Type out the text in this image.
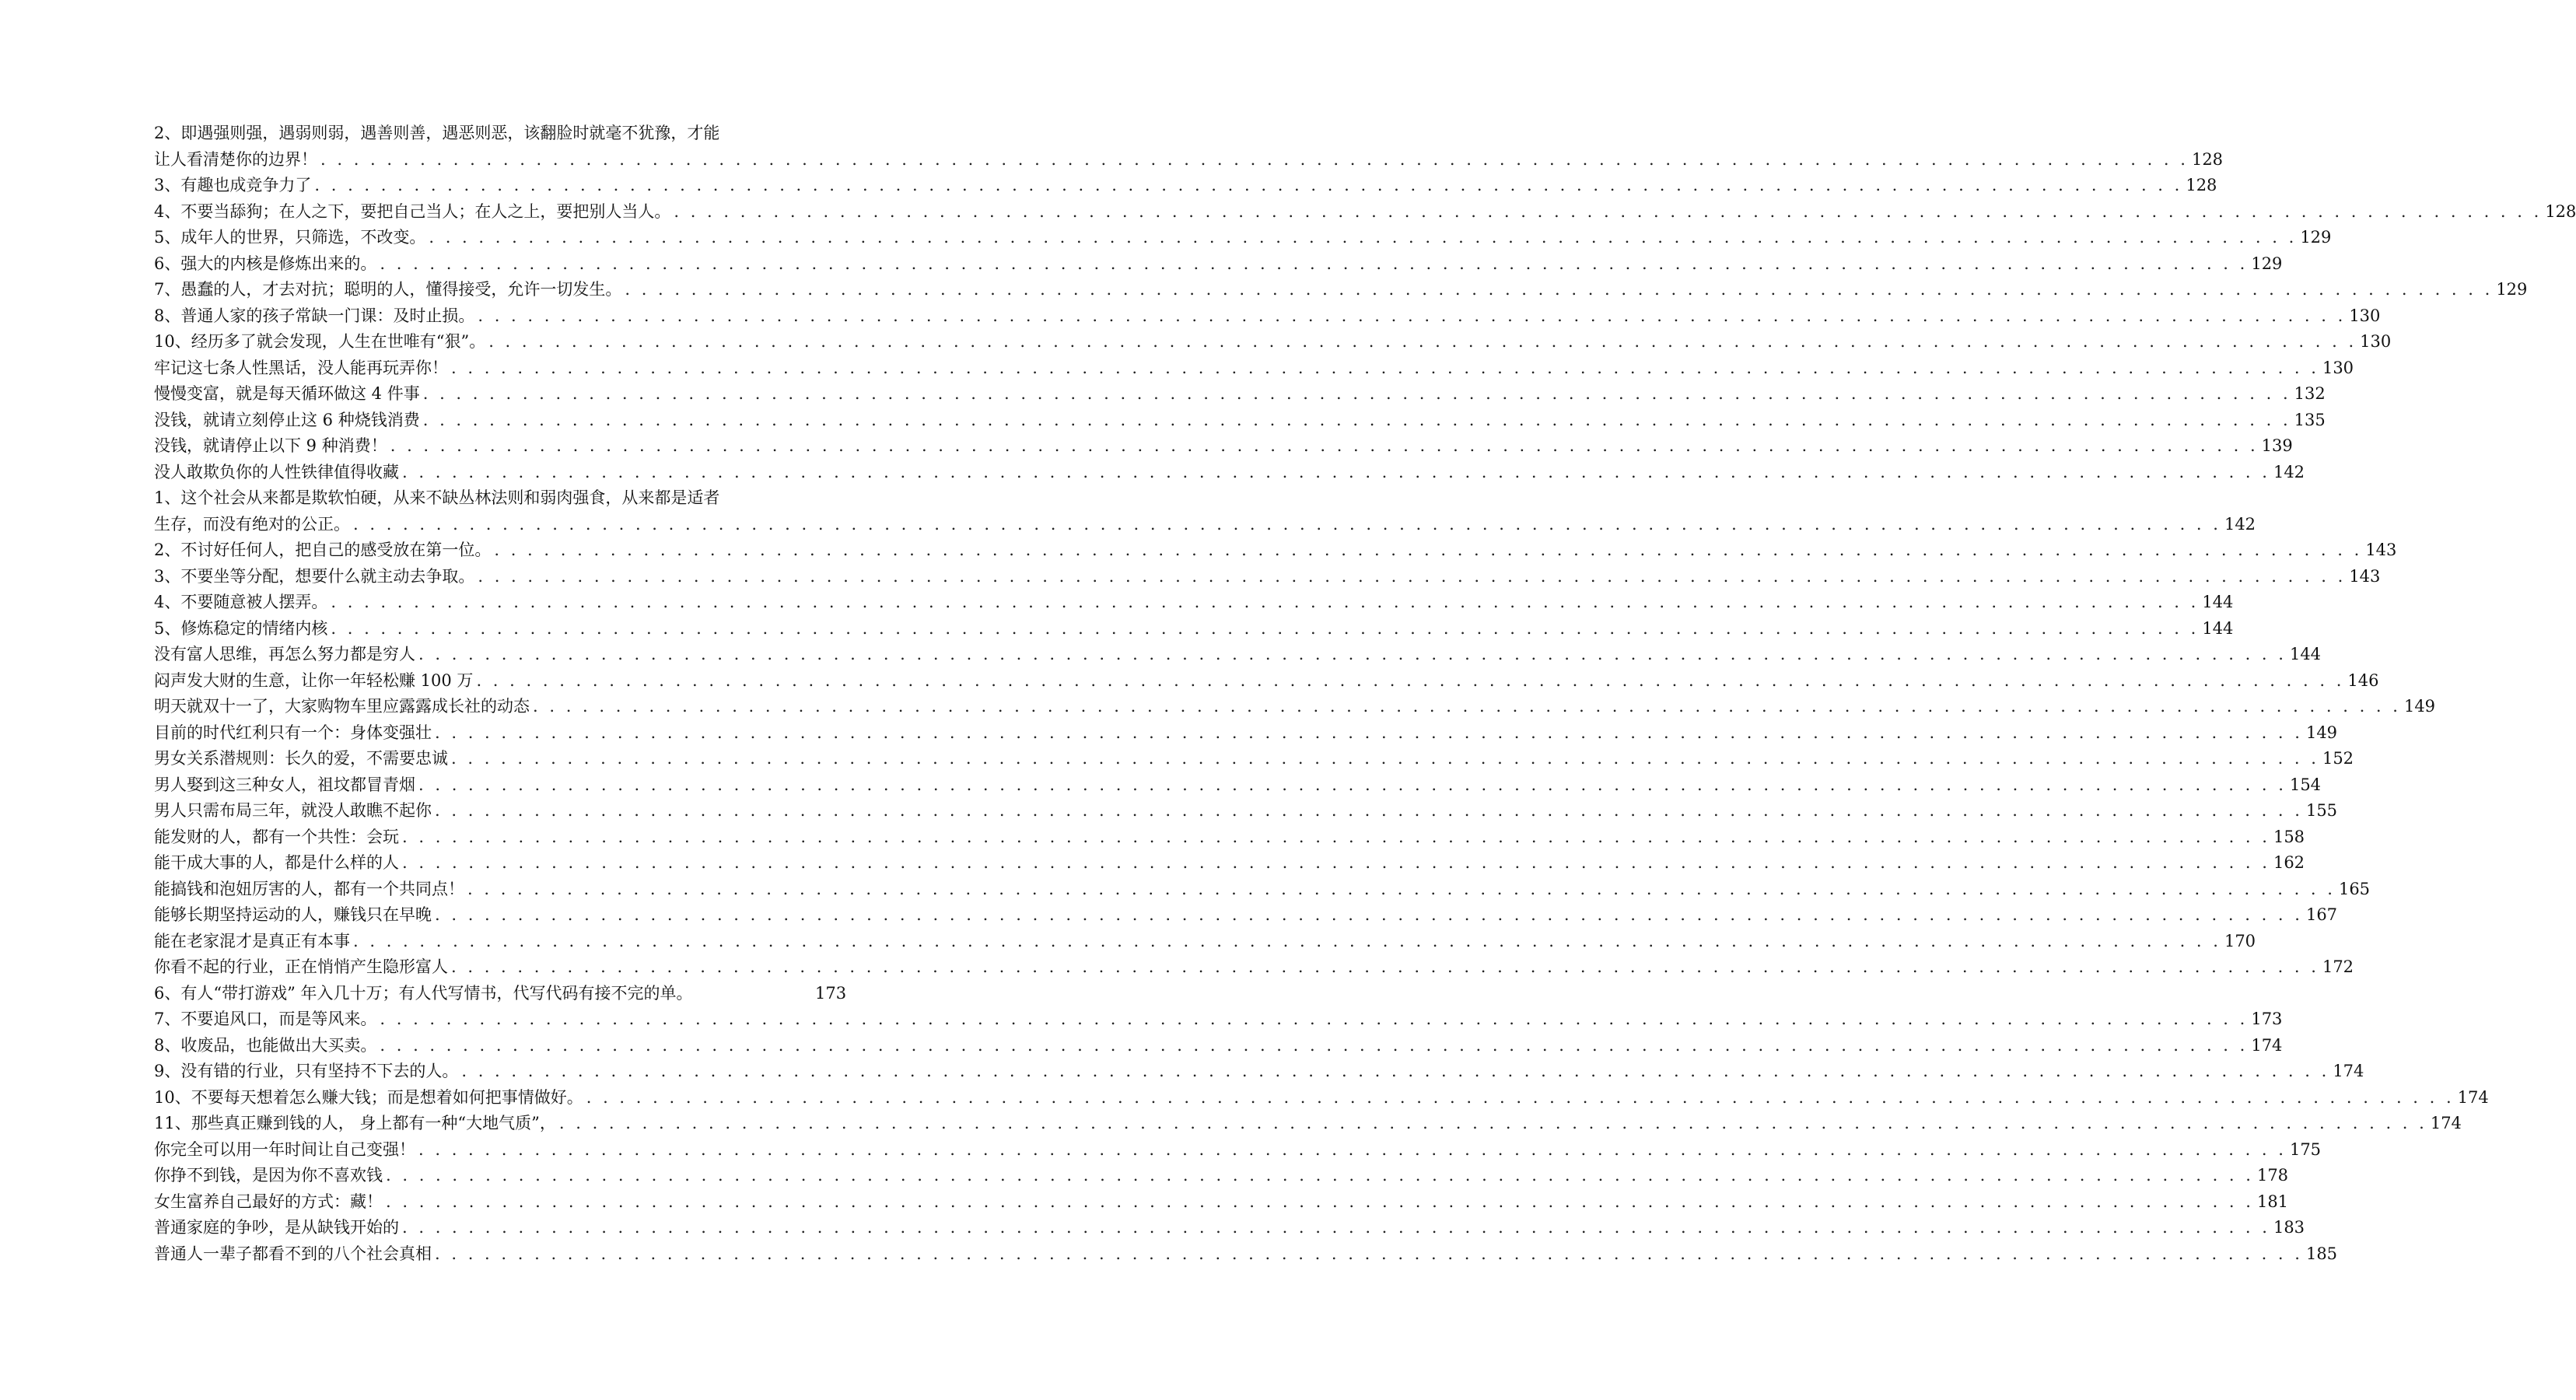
2、即遇强则强，遇弱则弱，遇善则善，遇恶则恶，该翻脸时就毫不犹豫，才能
让人看清楚你的边界！ . . . . . . . . . . . . . . . . . . . . . . . . . . . . . . . . . . . . . . . . . . . . . . . . . . . . . . . . . . . . . . . . . . . . . . . . . . . . . . . . . . . . . . . . . . . . . . . . . . . . . . . . . . . . . . . . . 128
3、有趣也成竞争力了 . . . . . . . . . . . . . . . . . . . . . . . . . . . . . . . . . . . . . . . . . . . . . . . . . . . . . . . . . . . . . . . . . . . . . . . . . . . . . . . . . . . . . . . . . . . . . . . . . . . . . . . . . . . . . . . . . 128
4、不要当舔狗；在人之下，要把自己当人；在人之上，要把别人当人。 . . . . . . . . . . . . . . . . . . . . . . . . . . . . . . . . . . . . . . . . . . . . . . . . . . . . . . . . . . . . . . . . . . . . . . . . . . . . . . . . . . . . . . . . . . . . . . . . . . . . . . . . . . . . . . . . . 128
5、成年人的世界，只筛选，不改变。 . . . . . . . . . . . . . . . . . . . . . . . . . . . . . . . . . . . . . . . . . . . . . . . . . . . . . . . . . . . . . . . . . . . . . . . . . . . . . . . . . . . . . . . . . . . . . . . . . . . . . . . . . . . . . . . . . 129
6、强大的内核是修炼出来的。 . . . . . . . . . . . . . . . . . . . . . . . . . . . . . . . . . . . . . . . . . . . . . . . . . . . . . . . . . . . . . . . . . . . . . . . . . . . . . . . . . . . . . . . . . . . . . . . . . . . . . . . . . . . . . . . . . 129
7、愚蠢的人，才去对抗；聪明的人，懂得接受，允许一切发生。 . . . . . . . . . . . . . . . . . . . . . . . . . . . . . . . . . . . . . . . . . . . . . . . . . . . . . . . . . . . . . . . . . . . . . . . . . . . . . . . . . . . . . . . . . . . . . . . . . . . . . . . . . . . . . . . . . 129
8、普通人家的孩子常缺一门课：及时止损。 . . . . . . . . . . . . . . . . . . . . . . . . . . . . . . . . . . . . . . . . . . . . . . . . . . . . . . . . . . . . . . . . . . . . . . . . . . . . . . . . . . . . . . . . . . . . . . . . . . . . . . . . . . . . . . . . . 130
10、经历多了就会发现，人生在世唯有“狠”。 . . . . . . . . . . . . . . . . . . . . . . . . . . . . . . . . . . . . . . . . . . . . . . . . . . . . . . . . . . . . . . . . . . . . . . . . . . . . . . . . . . . . . . . . . . . . . . . . . . . . . . . . . . . . . . . . . 130
牢记这七条人性黑话，没人能再玩弄你！ . . . . . . . . . . . . . . . . . . . . . . . . . . . . . . . . . . . . . . . . . . . . . . . . . . . . . . . . . . . . . . . . . . . . . . . . . . . . . . . . . . . . . . . . . . . . . . . . . . . . . . . . . . . . . . . . . 130
慢慢变富，就是每天循环做这 4 件事 . . . . . . . . . . . . . . . . . . . . . . . . . . . . . . . . . . . . . . . . . . . . . . . . . . . . . . . . . . . . . . . . . . . . . . . . . . . . . . . . . . . . . . . . . . . . . . . . . . . . . . . . . . . . . . . . . 132
没钱，就请立刻停止这 6 种烧钱消费 . . . . . . . . . . . . . . . . . . . . . . . . . . . . . . . . . . . . . . . . . . . . . . . . . . . . . . . . . . . . . . . . . . . . . . . . . . . . . . . . . . . . . . . . . . . . . . . . . . . . . . . . . . . . . . . . . 135
没钱，就请停止以下 9 种消费！ . . . . . . . . . . . . . . . . . . . . . . . . . . . . . . . . . . . . . . . . . . . . . . . . . . . . . . . . . . . . . . . . . . . . . . . . . . . . . . . . . . . . . . . . . . . . . . . . . . . . . . . . . . . . . . . . . 139
没人敢欺负你的人性铁律值得收藏 . . . . . . . . . . . . . . . . . . . . . . . . . . . . . . . . . . . . . . . . . . . . . . . . . . . . . . . . . . . . . . . . . . . . . . . . . . . . . . . . . . . . . . . . . . . . . . . . . . . . . . . . . . . . . . . . . 142
1、这个社会从来都是欺软怕硬，从来不缺丛林法则和弱肉强食，从来都是适者
生存，而没有绝对的公正。 . . . . . . . . . . . . . . . . . . . . . . . . . . . . . . . . . . . . . . . . . . . . . . . . . . . . . . . . . . . . . . . . . . . . . . . . . . . . . . . . . . . . . . . . . . . . . . . . . . . . . . . . . . . . . . . . . 142
2、不讨好任何人，把自己的感受放在第一位。 . . . . . . . . . . . . . . . . . . . . . . . . . . . . . . . . . . . . . . . . . . . . . . . . . . . . . . . . . . . . . . . . . . . . . . . . . . . . . . . . . . . . . . . . . . . . . . . . . . . . . . . . . . . . . . . . . 143
3、不要坐等分配，想要什么就主动去争取。 . . . . . . . . . . . . . . . . . . . . . . . . . . . . . . . . . . . . . . . . . . . . . . . . . . . . . . . . . . . . . . . . . . . . . . . . . . . . . . . . . . . . . . . . . . . . . . . . . . . . . . . . . . . . . . . . . 143
4、不要随意被人摆弄。 . . . . . . . . . . . . . . . . . . . . . . . . . . . . . . . . . . . . . . . . . . . . . . . . . . . . . . . . . . . . . . . . . . . . . . . . . . . . . . . . . . . . . . . . . . . . . . . . . . . . . . . . . . . . . . . . . 144
5、修炼稳定的情绪内核 . . . . . . . . . . . . . . . . . . . . . . . . . . . . . . . . . . . . . . . . . . . . . . . . . . . . . . . . . . . . . . . . . . . . . . . . . . . . . . . . . . . . . . . . . . . . . . . . . . . . . . . . . . . . . . . . . 144
没有富人思维，再怎么努力都是穷人 . . . . . . . . . . . . . . . . . . . . . . . . . . . . . . . . . . . . . . . . . . . . . . . . . . . . . . . . . . . . . . . . . . . . . . . . . . . . . . . . . . . . . . . . . . . . . . . . . . . . . . . . . . . . . . . . . 144
闷声发大财的生意，让你一年轻松赚 100 万 . . . . . . . . . . . . . . . . . . . . . . . . . . . . . . . . . . . . . . . . . . . . . . . . . . . . . . . . . . . . . . . . . . . . . . . . . . . . . . . . . . . . . . . . . . . . . . . . . . . . . . . . . . . . . . . . . 146
明天就双十一了，大家购物车里应露露成长社的动态 . . . . . . . . . . . . . . . . . . . . . . . . . . . . . . . . . . . . . . . . . . . . . . . . . . . . . . . . . . . . . . . . . . . . . . . . . . . . . . . . . . . . . . . . . . . . . . . . . . . . . . . . . . . . . . . . . 149
目前的时代红利只有一个：身体变强壮 . . . . . . . . . . . . . . . . . . . . . . . . . . . . . . . . . . . . . . . . . . . . . . . . . . . . . . . . . . . . . . . . . . . . . . . . . . . . . . . . . . . . . . . . . . . . . . . . . . . . . . . . . . . . . . . . . 149
男女关系潜规则：长久的爱，不需要忠诚 . . . . . . . . . . . . . . . . . . . . . . . . . . . . . . . . . . . . . . . . . . . . . . . . . . . . . . . . . . . . . . . . . . . . . . . . . . . . . . . . . . . . . . . . . . . . . . . . . . . . . . . . . . . . . . . . . 152
男人娶到这三种女人，祖坟都冒青烟 . . . . . . . . . . . . . . . . . . . . . . . . . . . . . . . . . . . . . . . . . . . . . . . . . . . . . . . . . . . . . . . . . . . . . . . . . . . . . . . . . . . . . . . . . . . . . . . . . . . . . . . . . . . . . . . . . 154
男人只需布局三年，就没人敢瞧不起你 . . . . . . . . . . . . . . . . . . . . . . . . . . . . . . . . . . . . . . . . . . . . . . . . . . . . . . . . . . . . . . . . . . . . . . . . . . . . . . . . . . . . . . . . . . . . . . . . . . . . . . . . . . . . . . . . . 155
能发财的人，都有一个共性：会玩 . . . . . . . . . . . . . . . . . . . . . . . . . . . . . . . . . . . . . . . . . . . . . . . . . . . . . . . . . . . . . . . . . . . . . . . . . . . . . . . . . . . . . . . . . . . . . . . . . . . . . . . . . . . . . . . . . 158
能干成大事的人，都是什么样的人 . . . . . . . . . . . . . . . . . . . . . . . . . . . . . . . . . . . . . . . . . . . . . . . . . . . . . . . . . . . . . . . . . . . . . . . . . . . . . . . . . . . . . . . . . . . . . . . . . . . . . . . . . . . . . . . . . 162
能搞钱和泡妞厉害的人，都有一个共同点！ . . . . . . . . . . . . . . . . . . . . . . . . . . . . . . . . . . . . . . . . . . . . . . . . . . . . . . . . . . . . . . . . . . . . . . . . . . . . . . . . . . . . . . . . . . . . . . . . . . . . . . . . . . . . . . . . . 165
能够长期坚持运动的人，赚钱只在早晚 . . . . . . . . . . . . . . . . . . . . . . . . . . . . . . . . . . . . . . . . . . . . . . . . . . . . . . . . . . . . . . . . . . . . . . . . . . . . . . . . . . . . . . . . . . . . . . . . . . . . . . . . . . . . . . . . . 167
能在老家混才是真正有本事 . . . . . . . . . . . . . . . . . . . . . . . . . . . . . . . . . . . . . . . . . . . . . . . . . . . . . . . . . . . . . . . . . . . . . . . . . . . . . . . . . . . . . . . . . . . . . . . . . . . . . . . . . . . . . . . . . 170
你看不起的行业，正在悄悄产生隐形富人 . . . . . . . . . . . . . . . . . . . . . . . . . . . . . . . . . . . . . . . . . . . . . . . . . . . . . . . . . . . . . . . . . . . . . . . . . . . . . . . . . . . . . . . . . . . . . . . . . . . . . . . . . . . . . . . . . 172
6、有人“带打游戏” 年入几十万；有人代写情书，代写代码有接不完的单。	173
7、不要追风口，而是等风来。 . . . . . . . . . . . . . . . . . . . . . . . . . . . . . . . . . . . . . . . . . . . . . . . . . . . . . . . . . . . . . . . . . . . . . . . . . . . . . . . . . . . . . . . . . . . . . . . . . . . . . . . . . . . . . . . . . 173
8、收废品，也能做出大买卖。 . . . . . . . . . . . . . . . . . . . . . . . . . . . . . . . . . . . . . . . . . . . . . . . . . . . . . . . . . . . . . . . . . . . . . . . . . . . . . . . . . . . . . . . . . . . . . . . . . . . . . . . . . . . . . . . . . 174
9、没有错的行业，只有坚持不下去的人。 . . . . . . . . . . . . . . . . . . . . . . . . . . . . . . . . . . . . . . . . . . . . . . . . . . . . . . . . . . . . . . . . . . . . . . . . . . . . . . . . . . . . . . . . . . . . . . . . . . . . . . . . . . . . . . . . . 174
10、不要每天想着怎么赚大钱；而是想着如何把事情做好。 . . . . . . . . . . . . . . . . . . . . . . . . . . . . . . . . . . . . . . . . . . . . . . . . . . . . . . . . . . . . . . . . . . . . . . . . . . . . . . . . . . . . . . . . . . . . . . . . . . . . . . . . . . . . . . . . . 174
11、那些真正赚到钱的人， 身上都有一种“大地气质”， . . . . . . . . . . . . . . . . . . . . . . . . . . . . . . . . . . . . . . . . . . . . . . . . . . . . . . . . . . . . . . . . . . . . . . . . . . . . . . . . . . . . . . . . . . . . . . . . . . . . . . . . . . . . . . . . . 174
你完全可以用一年时间让自己变强！ . . . . . . . . . . . . . . . . . . . . . . . . . . . . . . . . . . . . . . . . . . . . . . . . . . . . . . . . . . . . . . . . . . . . . . . . . . . . . . . . . . . . . . . . . . . . . . . . . . . . . . . . . . . . . . . . . 175
你挣不到钱，是因为你不喜欢钱 . . . . . . . . . . . . . . . . . . . . . . . . . . . . . . . . . . . . . . . . . . . . . . . . . . . . . . . . . . . . . . . . . . . . . . . . . . . . . . . . . . . . . . . . . . . . . . . . . . . . . . . . . . . . . . . . . 178
女生富养自己最好的方式：藏！ . . . . . . . . . . . . . . . . . . . . . . . . . . . . . . . . . . . . . . . . . . . . . . . . . . . . . . . . . . . . . . . . . . . . . . . . . . . . . . . . . . . . . . . . . . . . . . . . . . . . . . . . . . . . . . . . . 181
普通家庭的争吵，是从缺钱开始的 . . . . . . . . . . . . . . . . . . . . . . . . . . . . . . . . . . . . . . . . . . . . . . . . . . . . . . . . . . . . . . . . . . . . . . . . . . . . . . . . . . . . . . . . . . . . . . . . . . . . . . . . . . . . . . . . . 183
普通人一辈子都看不到的八个社会真相 . . . . . . . . . . . . . . . . . . . . . . . . . . . . . . . . . . . . . . . . . . . . . . . . . . . . . . . . . . . . . . . . . . . . . . . . . . . . . . . . . . . . . . . . . . . . . . . . . . . . . . . . . . . . . . . . . 185
